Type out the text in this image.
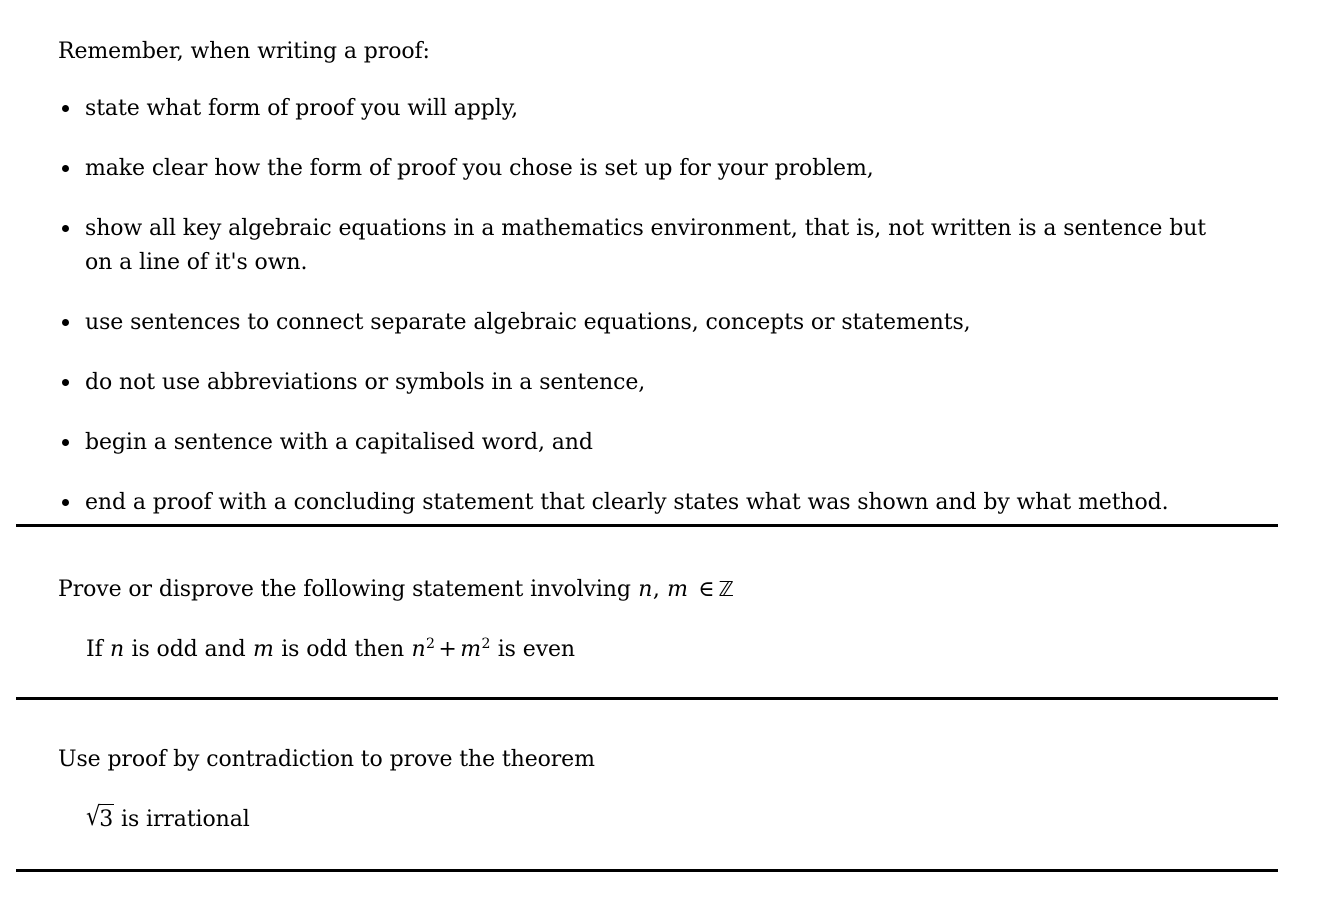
Remember, when writing a proof:
state what form of proof you will apply,
make clear how the form of proof you chose is set up for your problem,
show all key algebraic equations in a mathematics environment, that is, not written is a sentence but
on a line of it's own.
use sentences to connect separate algebraic equations, concepts or statements,
do not use abbreviations or symbols in a sentence,
begin a sentence with a capitalised word, and
end a proof with a concluding statement that clearly states what was shown and by what method.
Prove or disprove the following statement involving n, m ∈ ℤ
If n is odd and m is odd then $n^2 + m^2$ is even
Use proof by contradiction to prove the theorem
√3 is irrational
